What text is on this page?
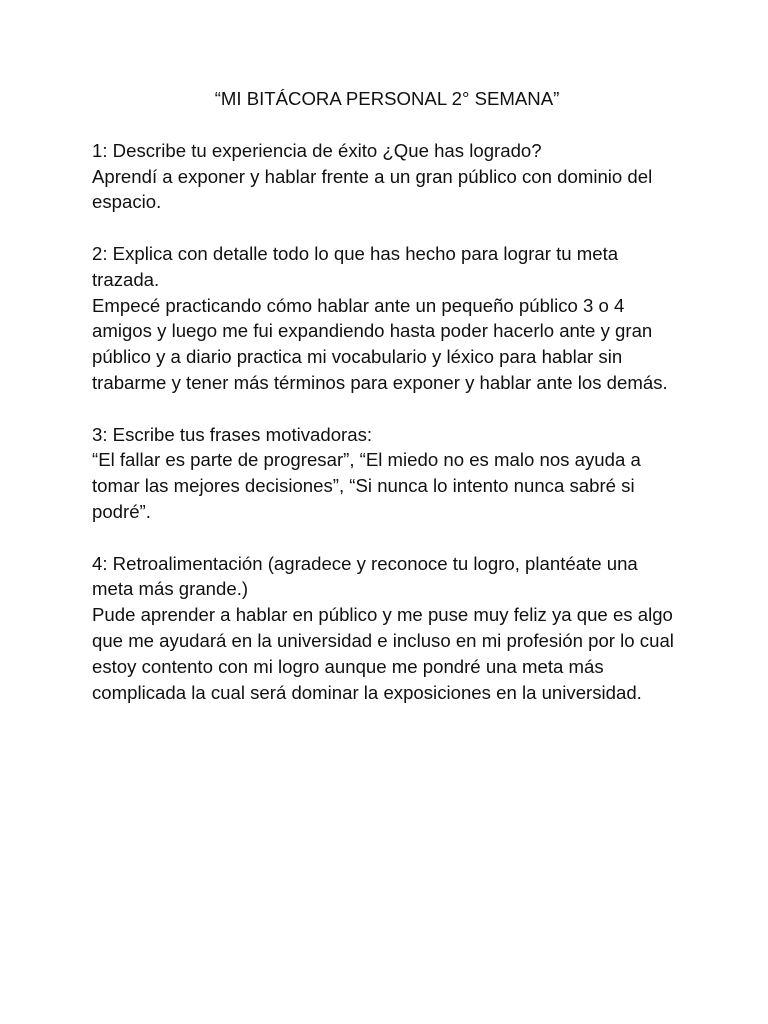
“MI BITÁCORA PERSONAL 2° SEMANA”

1: Describe tu experiencia de éxito ¿Que has logrado?

Aprendí a exponer y hablar frente a un gran público con dominio del espacio.

2: Explica con detalle todo lo que has hecho para lograr tu meta trazada.

Empecé practicando cómo hablar ante un pequeño público 3 o 4 amigos y luego me fui expandiendo hasta poder hacerlo ante y gran público y a diario practica mi vocabulario y léxico para hablar sin trabarme y tener más términos para exponer y hablar ante los demás.

3: Escribe tus frases motivadoras:

“El fallar es parte de progresar”, “El miedo no es malo nos ayuda a tomar las mejores decisiones”, “Si nunca lo intento nunca sabré si podré”.

4: Retroalimentación (agradece y reconoce tu logro, plantéate una meta más grande.)

Pude aprender a hablar en público y me puse muy feliz ya que es algo que me ayudará en la universidad e incluso en mi profesión por lo cual estoy contento con mi logro aunque me pondré una meta más complicada la cual será dominar la exposiciones en la universidad.
